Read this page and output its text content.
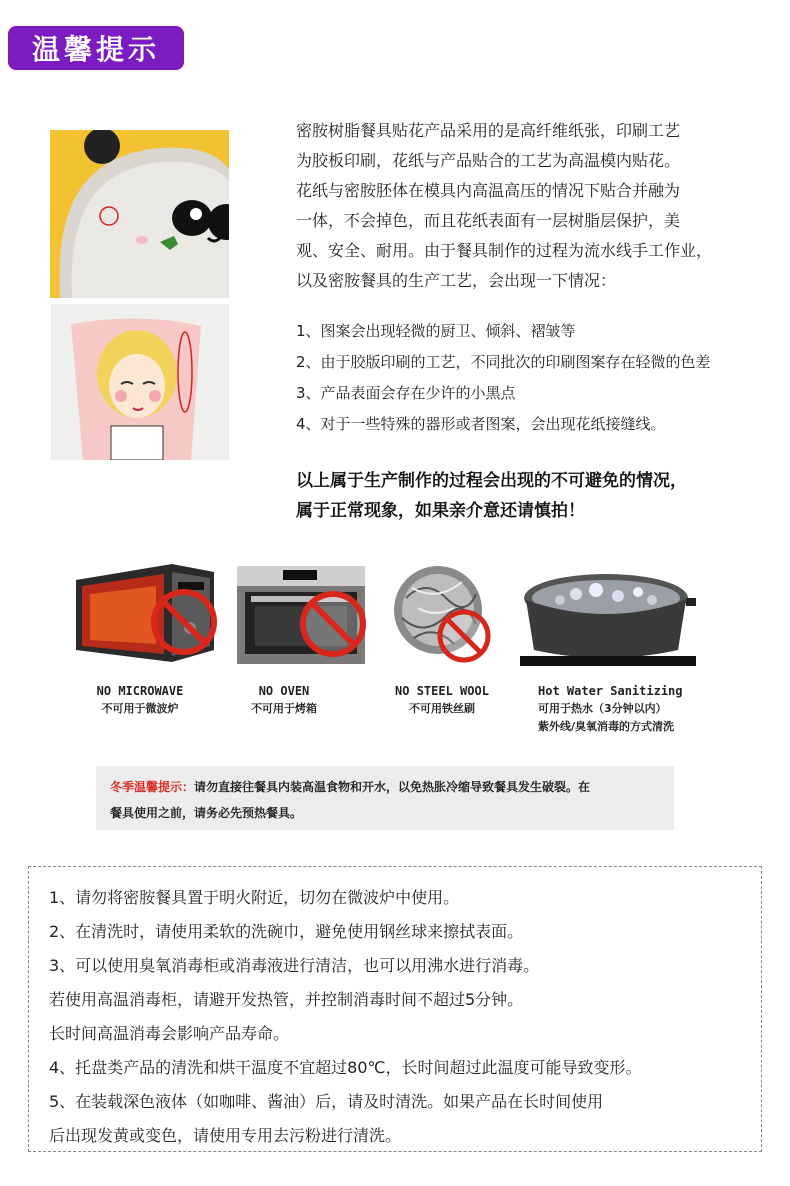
温馨提示

密胺树脂餐具贴花产品采用的是高纤维纸张，印刷工艺

为胶板印刷，花纸与产品贴合的工艺为高温模内贴花。

花纸与密胺胚体在模具内高温高压的情况下贴合并融为

一体，不会掉色，而且花纸表面有一层树脂层保护，美

观、安全、耐用。由于餐具制作的过程为流水线手工作业，

以及密胺餐具的生产工艺，会出现一下情况：

1、图案会出现轻微的厨卫、倾斜、褶皱等
2、由于胶版印刷的工艺，不同批次的印刷图案存在轻微的色差
3、产品表面会存在少许的小黑点
4、对于一些特殊的器形或者图案，会出现花纸接缝线。

以上属于生产制作的过程会出现的不可避免的情况，

属于正常现象，如果亲介意还请慎拍！

NO MICROWAVE
不可用于微波炉
NO OVEN
不可用于烤箱
NO STEEL WOOL
不可用铁丝刷
Hot Water Sanitizing
可用于热水（3分钟以内）
紫外线/臭氧消毒的方式清洗
冬季温馨提示：请勿直接往餐具内装高温食物和开水，以免热胀冷缩导致餐具发生破裂。在
餐具使用之前，请务必先预热餐具。
1、请勿将密胺餐具置于明火附近，切勿在微波炉中使用。
2、在清洗时，请使用柔软的洗碗巾，避免使用钢丝球来擦拭表面。
3、可以使用臭氧消毒柜或消毒液进行清洁，也可以用沸水进行消毒。
若使用高温消毒柜，请避开发热管，并控制消毒时间不超过5分钟。
长时间高温消毒会影响产品寿命。
4、托盘类产品的清洗和烘干温度不宜超过80℃，长时间超过此温度可能导致变形。
5、在装载深色液体（如咖啡、酱油）后，请及时清洗。如果产品在长时间使用
后出现发黄或变色，请使用专用去污粉进行清洗。
